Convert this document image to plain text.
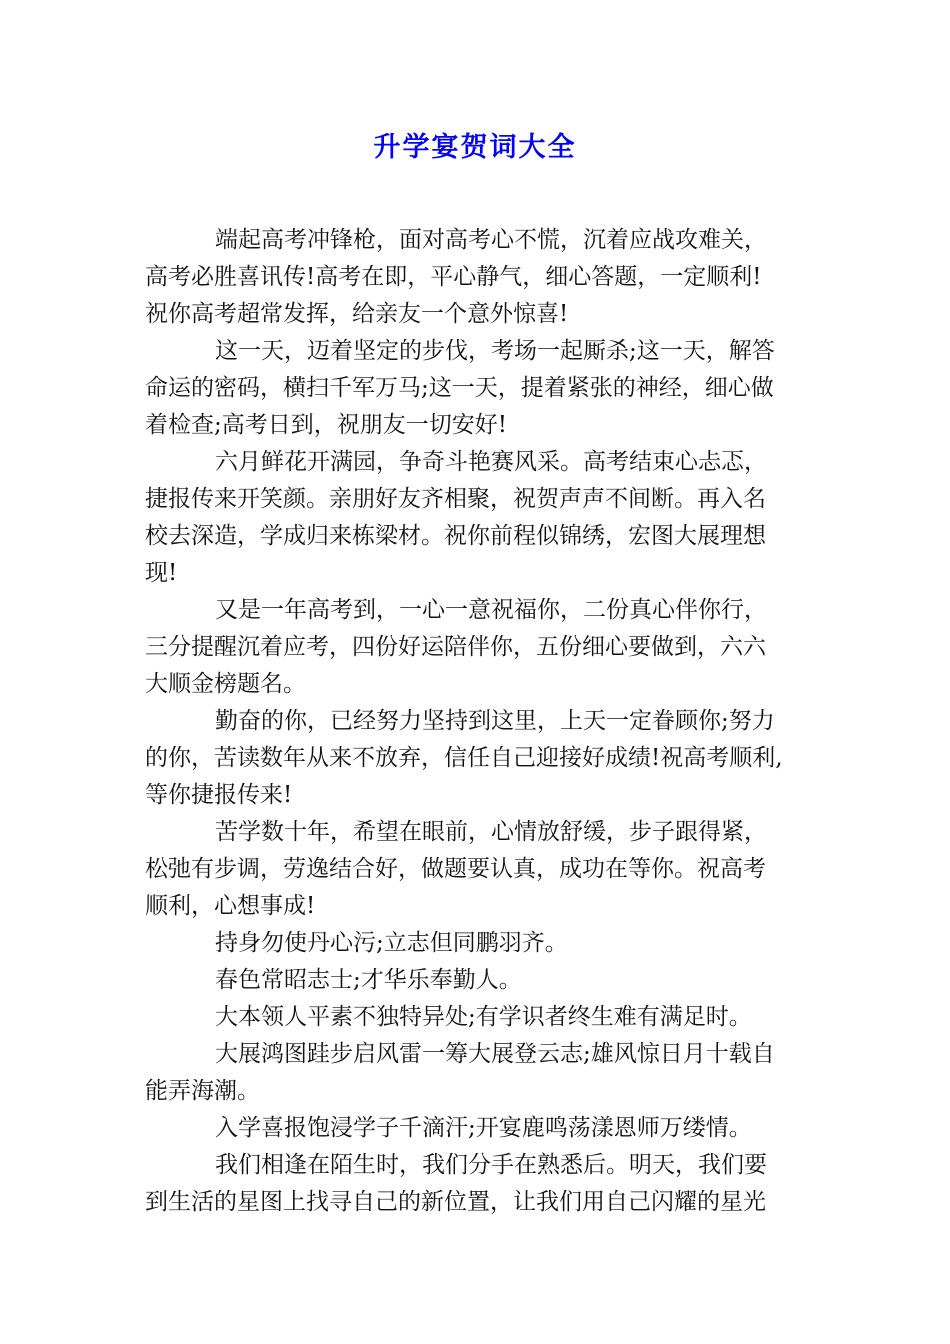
升学宴贺词大全

端起高考冲锋枪，面对高考心不慌，沉着应战攻难关，

高考必胜喜讯传!高考在即，平心静气，细心答题，一定顺利!

祝你高考超常发挥，给亲友一个意外惊喜!

这一天，迈着坚定的步伐，考场一起厮杀;这一天，解答

命运的密码，横扫千军万马;这一天，提着紧张的神经，细心做

着检查;高考日到，祝朋友一切安好!

六月鲜花开满园，争奇斗艳赛风采。高考结束心忐忑，

捷报传来开笑颜。亲朋好友齐相聚，祝贺声声不间断。再入名

校去深造，学成归来栋梁材。祝你前程似锦绣，宏图大展理想

现!

又是一年高考到，一心一意祝福你，二份真心伴你行，

三分提醒沉着应考，四份好运陪伴你，五份细心要做到，六六

大顺金榜题名。

勤奋的你，已经努力坚持到这里，上天一定眷顾你;努力

的你，苦读数年从来不放弃，信任自己迎接好成绩!祝高考顺利,

等你捷报传来!

苦学数十年，希望在眼前，心情放舒缓，步子跟得紧，

松弛有步调，劳逸结合好，做题要认真，成功在等你。祝高考

顺利，心想事成!

持身勿使丹心污;立志但同鹏羽齐。

春色常昭志士;才华乐奉勤人。

大本领人平素不独特异处;有学识者终生难有满足时。

大展鸿图跬步启风雷一筹大展登云志;雄风惊日月十载自

能弄海潮。

入学喜报饱浸学子千滴汗;开宴鹿鸣荡漾恩师万缕情。

我们相逢在陌生时，我们分手在熟悉后。明天，我们要

到生活的星图上找寻自己的新位置，让我们用自己闪耀的星光
